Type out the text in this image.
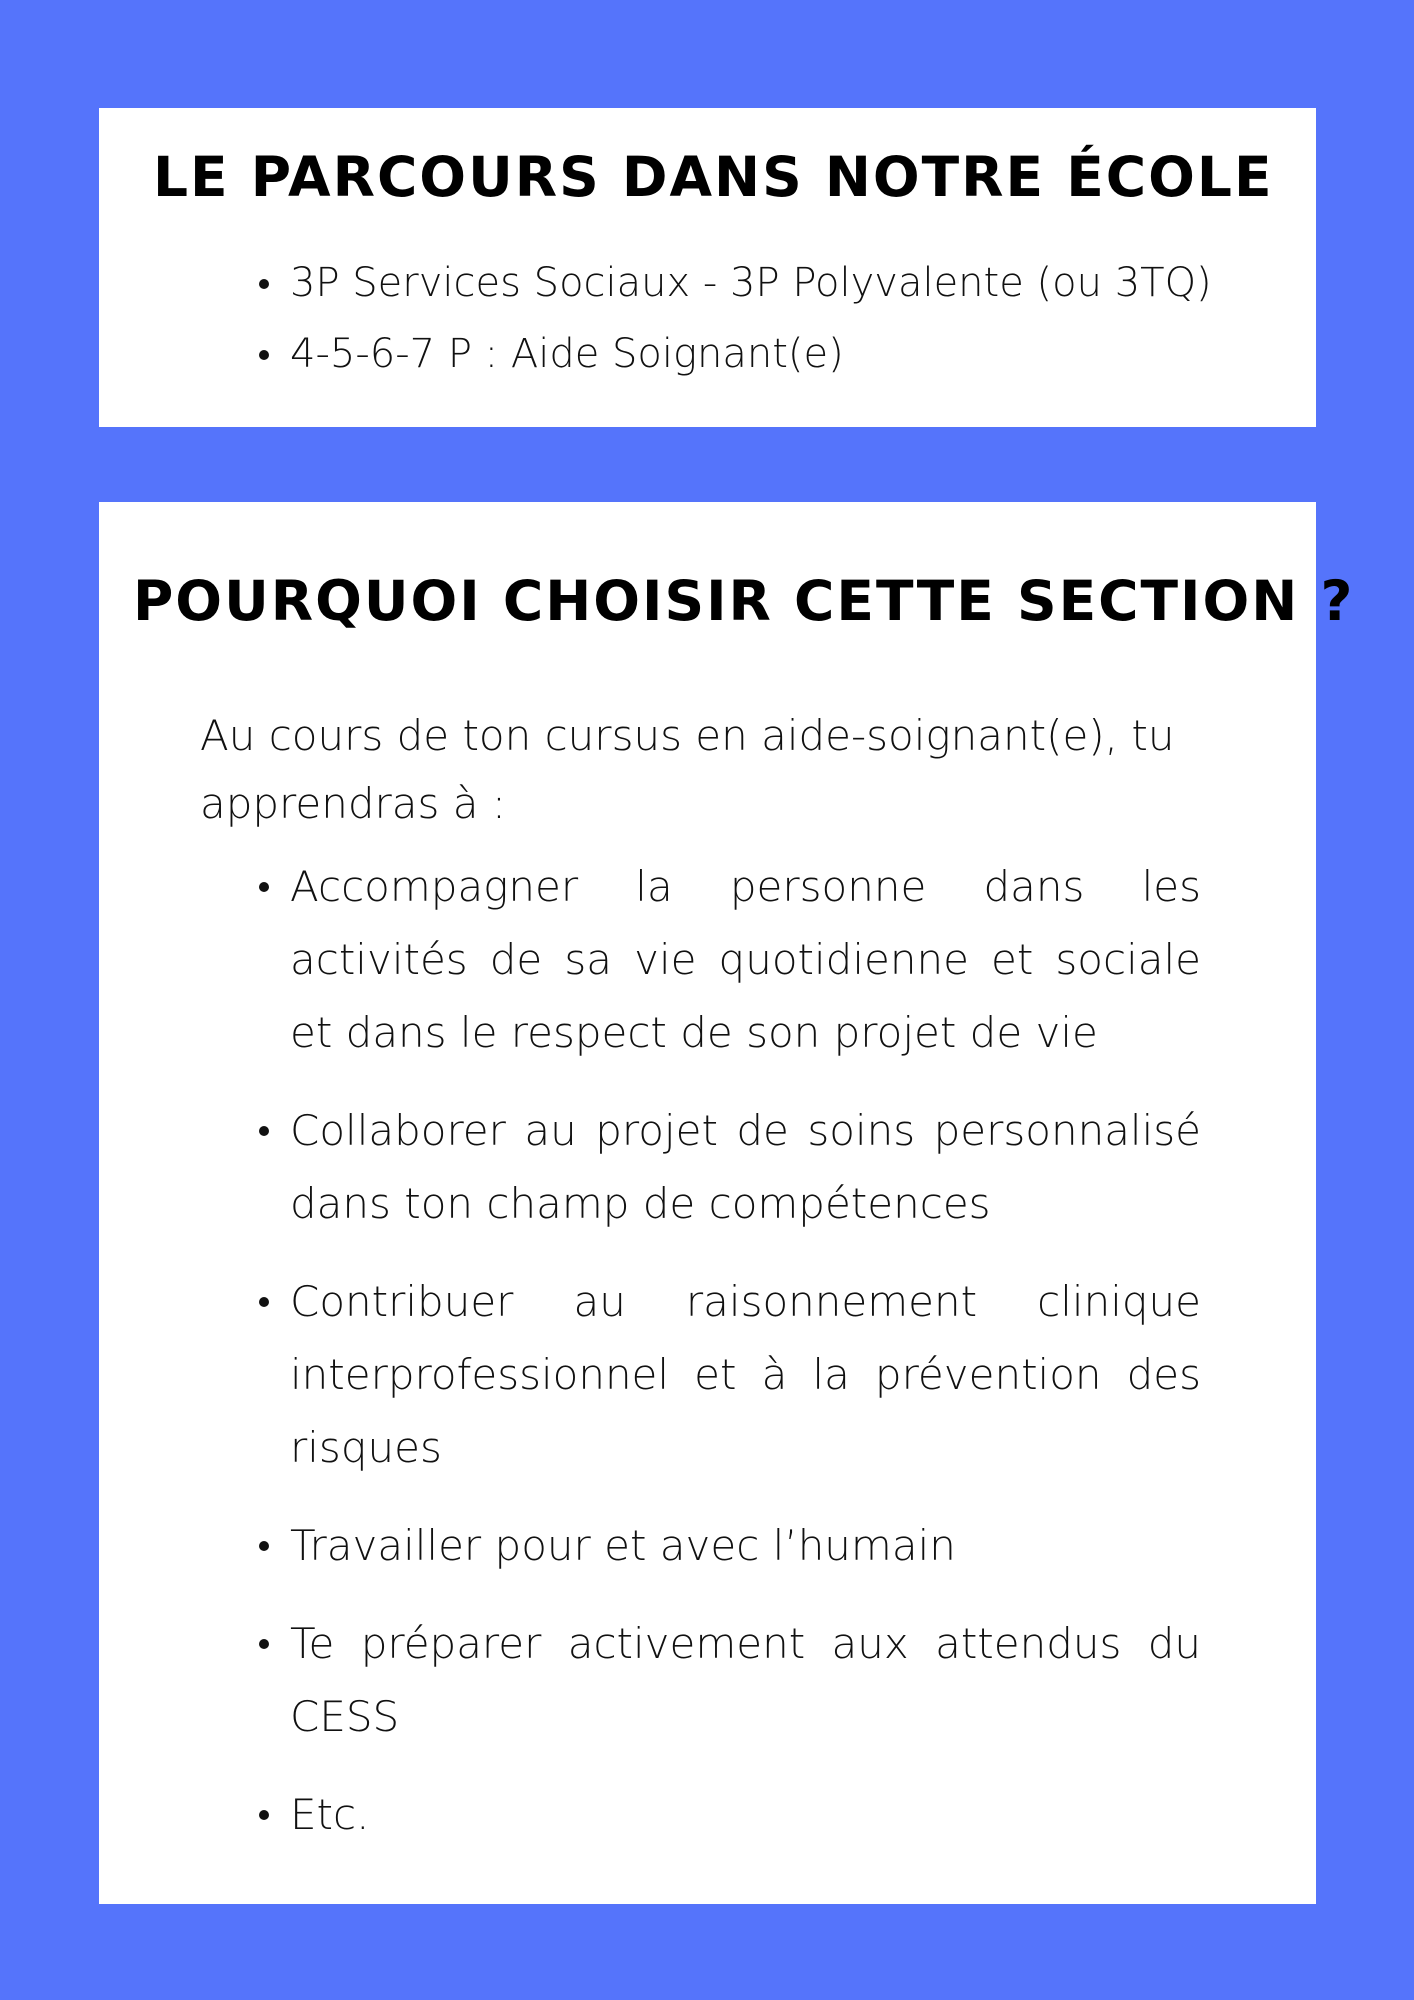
LE PARCOURS DANS NOTRE ÉCOLE
3P Services Sociaux - 3P Polyvalente (ou 3TQ)
4-5-6-7 P : Aide Soignant(e)
POURQUOI CHOISIR CETTE SECTION ?

Au cours de ton cursus en aide-soignant(e), tu apprendras à :

Accompagner la personne dans les activités de sa vie quotidienne et sociale et dans le respect de son projet de vie
Collaborer au projet de soins personnalisé dans ton champ de compétences
Contribuer au raisonnement clinique interprofessionnel et à la prévention des risques
Travailler pour et avec l’humain
Te préparer activement aux attendus du CESS
Etc.
